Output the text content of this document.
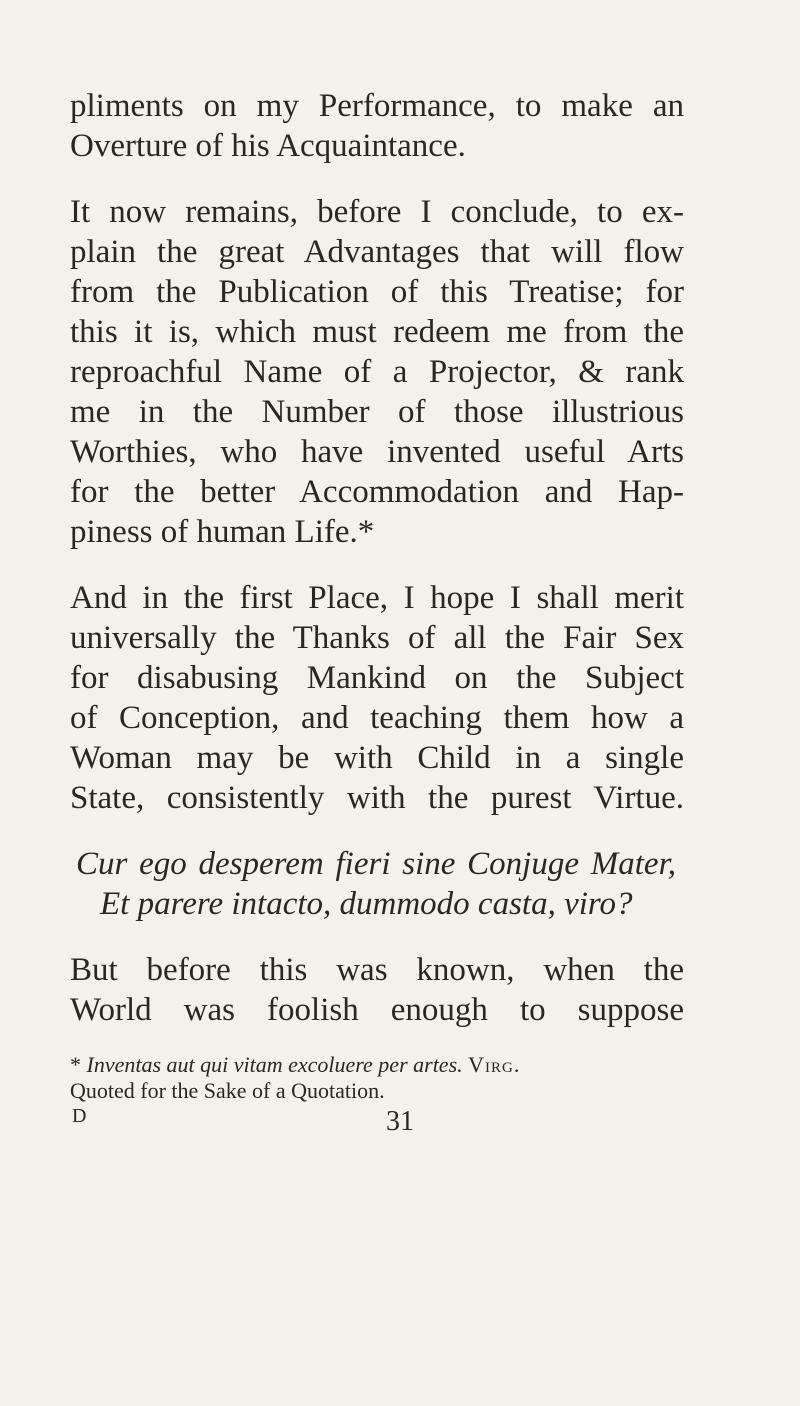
pliments on my Performance, to make an
Overture of his Acquaintance.
It now remains, before I conclude, to ex-
plain the great Advantages that will flow
from the Publication of this Treatise; for
this it is, which must redeem me from the
reproachful Name of a Projector, & rank
me in the Number of those illustrious
Worthies, who have invented useful Arts
for the better Accommodation and Hap-
piness of human Life.*
And in the first Place, I hope I shall merit
universally the Thanks of all the Fair Sex
for disabusing Mankind on the Subject
of Conception, and teaching them how a
Woman may be with Child in a single
State, consistently with the purest Virtue.
Cur ego desperem fieri sine Conjuge Mater,
Et parere intacto, dummodo casta, viro?
But before this was known, when the
World was foolish enough to suppose
* Inventas aut qui vitam excoluere per artes. Virg.
Quoted for the Sake of a Quotation.
D	31
